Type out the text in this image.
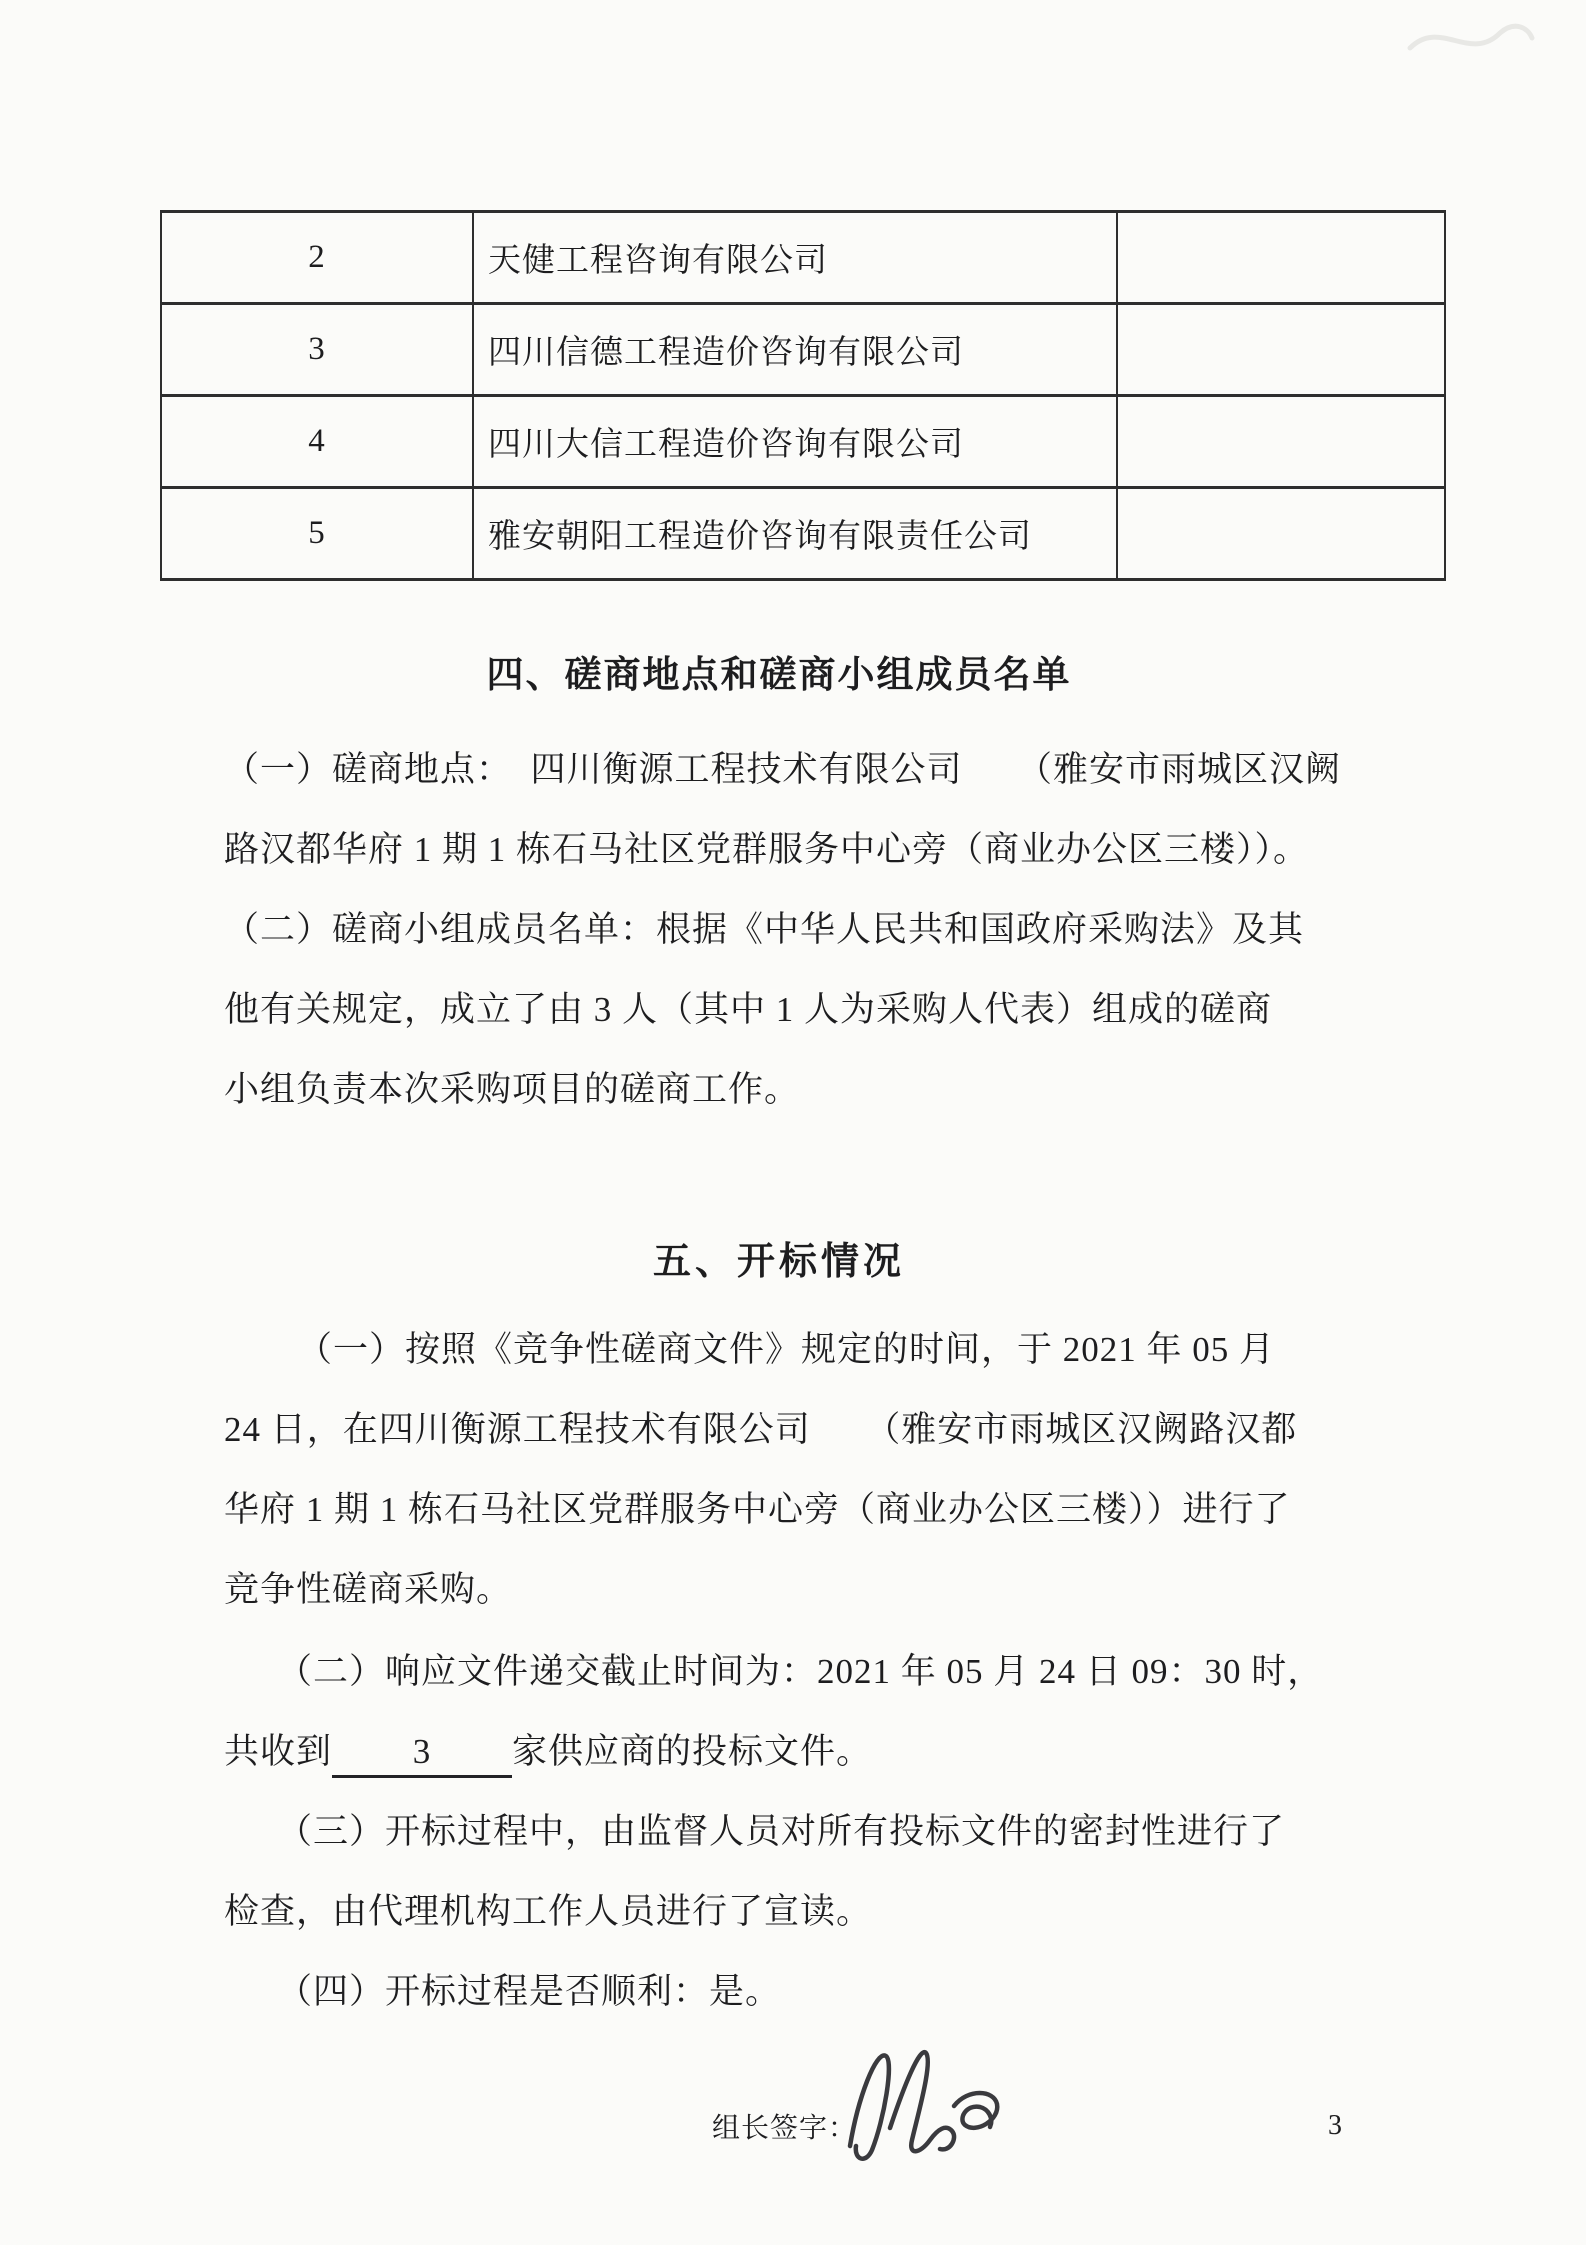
2	天健工程咨询有限公司	
3	四川信德工程造价咨询有限公司	
4	四川大信工程造价咨询有限公司	
5	雅安朝阳工程造价咨询有限责任公司	
四、磋商地点和磋商小组成员名单
（一）磋商地点：　四川衡源工程技术有限公司　　（雅安市雨城区汉阙
路汉都华府 1 期 1 栋石马社区党群服务中心旁（商业办公区三楼））。
（二）磋商小组成员名单：根据《中华人民共和国政府采购法》及其
他有关规定，成立了由 3 人（其中 1 人为采购人代表）组成的磋商
小组负责本次采购项目的磋商工作。
五、开标情况
（一）按照《竞争性磋商文件》规定的时间，于 2021 年 05 月
24 日，在四川衡源工程技术有限公司　　（雅安市雨城区汉阙路汉都
华府 1 期 1 栋石马社区党群服务中心旁（商业办公区三楼））进行了
竞争性磋商采购。
（二）响应文件递交截止时间为：2021 年 05 月 24 日 09：30 时，
共收到 3 家供应商的投标文件。
（三）开标过程中，由监督人员对所有投标文件的密封性进行了
检查，由代理机构工作人员进行了宣读。
（四）开标过程是否顺利：是。
组长签字：	3
